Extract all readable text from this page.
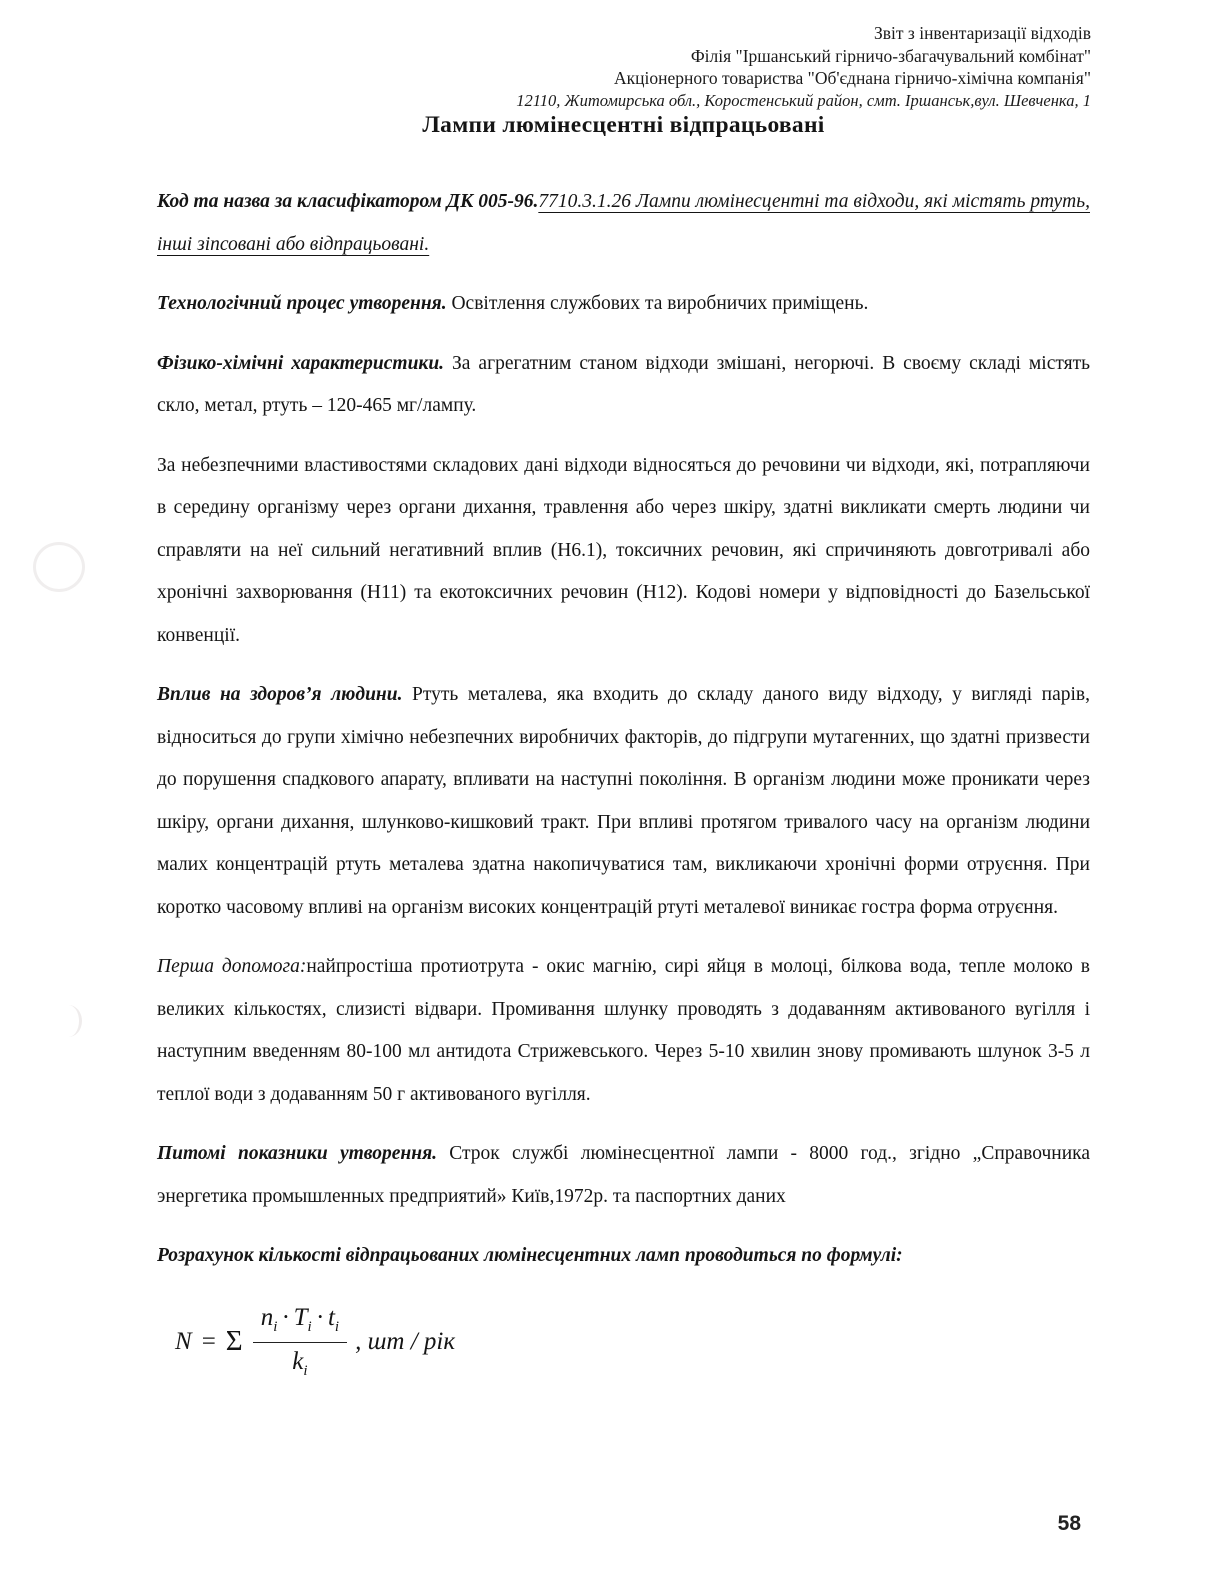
Звіт з інвентаризації відходів
Філія "Іршанський гірничо-збагачувальний комбінат"
Акціонерного товариства "Об'єднана гірничо-хімічна компанія"
12110, Житомирська обл., Коростенський район, смт. Іршанськ,вул. Шевченка, 1
Лампи люмінесцентні відпрацьовані

Код та назва за класифікатором ДК 005-96.7710.3.1.26 Лампи люмінесцентні та відходи, які містять ртуть, інші зіпсовані або відпрацьовані.

Технологічний процес утворення. Освітлення службових та виробничих приміщень.

Фізико-хімічні характеристики. За агрегатним станом відходи змішані, негорючі. В своєму складі містять скло, метал, ртуть – 120-465 мг/лампу.

За небезпечними властивостями складових дані відходи відносяться до речовини чи відходи, які, потрапляючи в середину організму через органи дихання, травлення або через шкіру, здатні викликати смерть людини чи справляти на неї сильний негативний вплив (Н6.1), токсичних речовин, які спричиняють довготривалі або хронічні захворювання (Н11) та екотоксичних речовин (Н12). Кодові номери у відповідності до Базельської конвенції.

Вплив на здоров’я людини. Ртуть металева, яка входить до складу даного виду відходу, у вигляді парів, відноситься до групи хімічно небезпечних виробничих факторів, до підгрупи мутагенних, що здатні призвести до порушення спадкового апарату, впливати на наступні покоління. В організм людини може проникати через шкіру, органи дихання, шлунково-кишковий тракт. При впливі протягом тривалого часу на організм людини малих концентрацій ртуть металева здатна накопичуватися там, викликаючи хронічні форми отруєння. При коротко часовому впливі на організм високих концентрацій ртуті металевої виникає гостра форма отруєння.

Перша допомога:найпростіша протиотрута - окис магнію, сирі яйця в молоці, білкова вода, тепле молоко в великих кількостях, слизисті відвари. Промивання шлунку проводять з додаванням активованого вугілля і наступним введенням 80-100 мл антидота Стрижевського. Через 5-10 хвилин знову промивають шлунок 3-5 л теплої води з додаванням 50 г активованого вугілля.

Питомі показники утворення. Строк службі люмінесцентної лампи - 8000 год., згідно „Справочника энергетика промышленных предприятий» Київ,1972р. та паспортних даних

Розрахунок кількості відпрацьованих люмінесцентних ламп проводиться по формулі:

N = Σ $\frac{n_i \cdot T_i \cdot t_i}{k_i}$ , шт / рік
58
